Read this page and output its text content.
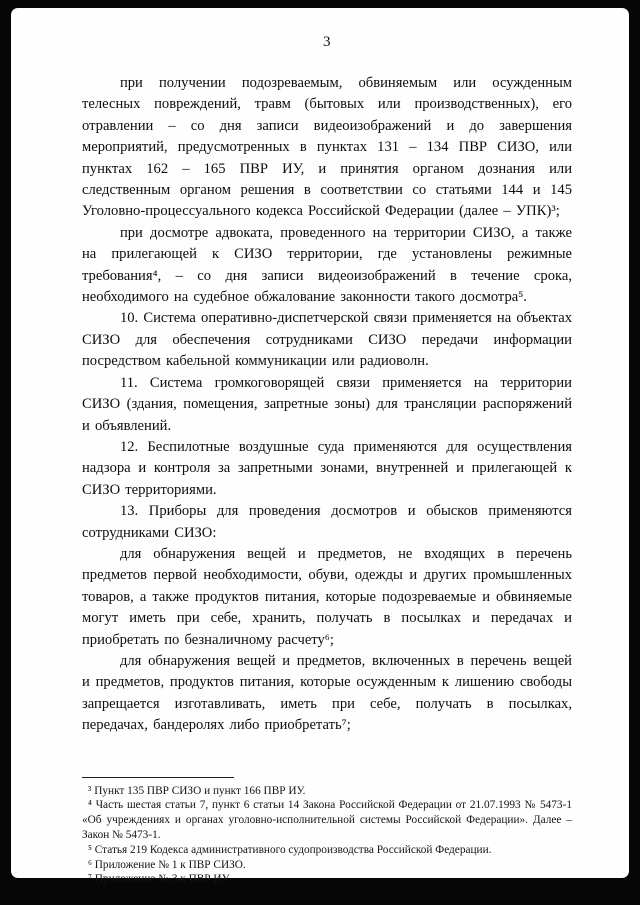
3

при получении подозреваемым, обвиняемым или осужденным телесных повреждений, травм (бытовых или производственных), его отравлении – со дня записи видеоизображений и до завершения мероприятий, предусмотренных в пунктах 131 – 134 ПВР СИЗО, или пунктах 162 – 165 ПВР ИУ, и принятия органом дознания или следственным органом решения в соответствии со статьями 144 и 145 Уголовно-процессуального кодекса Российской Федерации (далее – УПК)³;

при досмотре адвоката, проведенного на территории СИЗО, а также на прилегающей к СИЗО территории, где установлены режимные требования⁴, – со дня записи видеоизображений в течение срока, необходимого на судебное обжалование законности такого досмотра⁵.

10. Система оперативно-диспетчерской связи применяется на объектах СИЗО для обеспечения сотрудниками СИЗО передачи информации посредством кабельной коммуникации или радиоволн.

11. Система громкоговорящей связи применяется на территории СИЗО (здания, помещения, запретные зоны) для трансляции распоряжений и объявлений.

12. Беспилотные воздушные суда применяются для осуществления надзора и контроля за запретными зонами, внутренней и прилегающей к СИЗО территориями.

13. Приборы для проведения досмотров и обысков применяются сотрудниками СИЗО:

для обнаружения вещей и предметов, не входящих в перечень предметов первой необходимости, обуви, одежды и других промышленных товаров, а также продуктов питания, которые подозреваемые и обвиняемые могут иметь при себе, хранить, получать в посылках и передачах и приобретать по безналичному расчету⁶;

для обнаружения вещей и предметов, включенных в перечень вещей и предметов, продуктов питания, которые осужденным к лишению свободы запрещается изготавливать, иметь при себе, получать в посылках, передачах, бандеролях либо приобретать⁷;

³ Пункт 135 ПВР СИЗО и пункт 166 ПВР ИУ.

⁴ Часть шестая статьи 7, пункт 6 статьи 14 Закона Российской Федерации от 21.07.1993 № 5473-1 «Об учреждениях и органах уголовно-исполнительной системы Российской Федерации». Далее – Закон № 5473-1.

⁵ Статья 219 Кодекса административного судопроизводства Российской Федерации.

⁶ Приложение № 1 к ПВР СИЗО.

⁷ Приложение № 3 к ПВР ИУ.
